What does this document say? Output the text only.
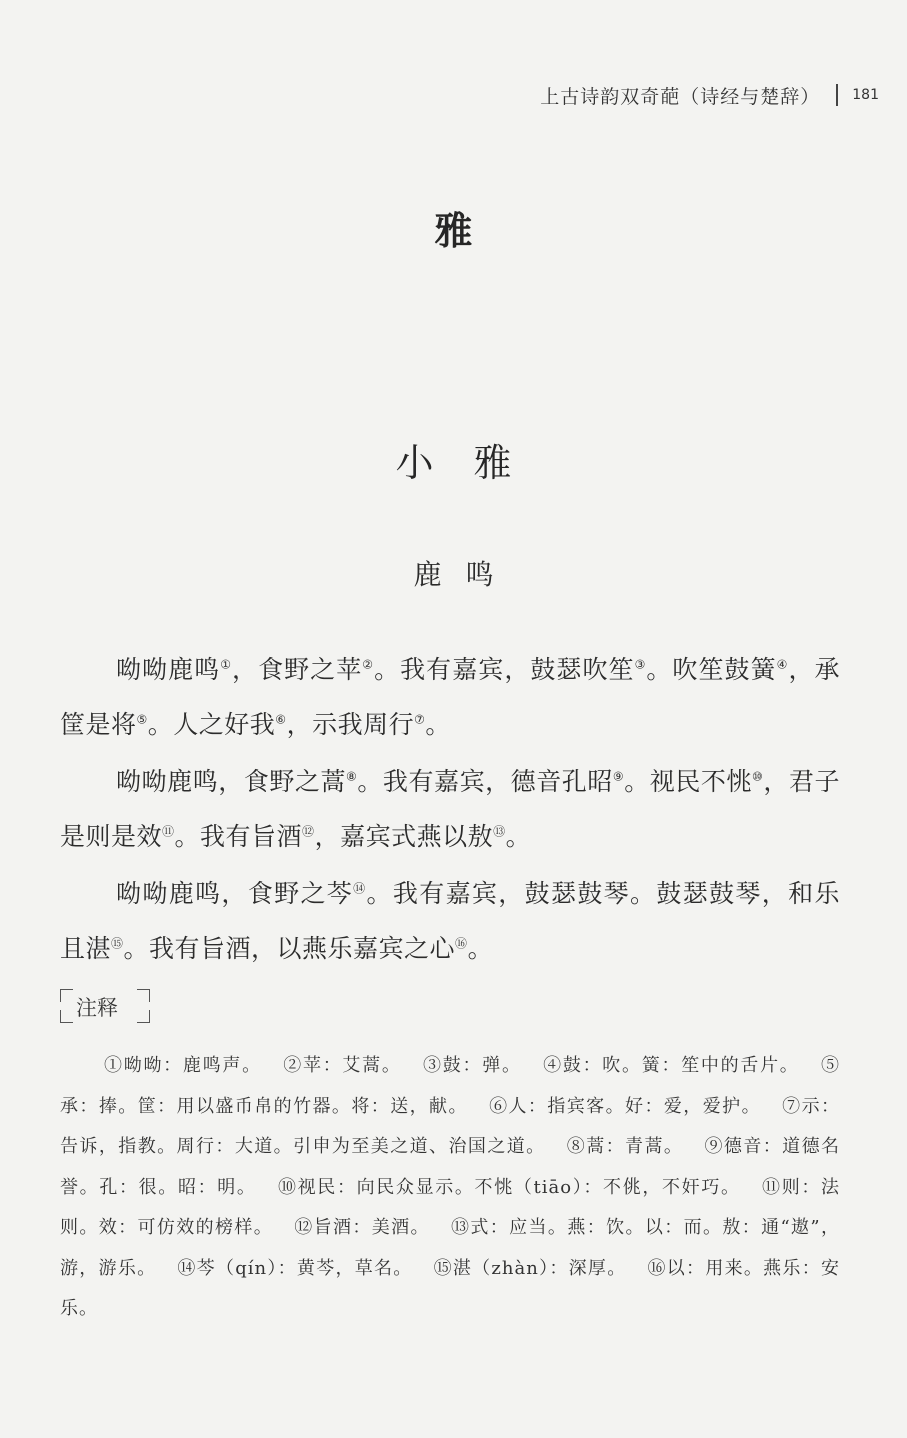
上古诗韵双奇葩（诗经与楚辞） 181
雅
小雅
鹿鸣

呦呦鹿鸣①，食野之苹②。我有嘉宾，鼓瑟吹笙③。吹笙鼓簧④，承筐是将⑤。人之好我⑥，示我周行⑦。

呦呦鹿鸣，食野之蒿⑧。我有嘉宾，德音孔昭⑨。视民不恌⑩，君子是则是效⑪。我有旨酒⑫，嘉宾式燕以敖⑬。

呦呦鹿鸣，食野之芩⑭。我有嘉宾，鼓瑟鼓琴。鼓瑟鼓琴，和乐且湛⑮。我有旨酒，以燕乐嘉宾之心⑯。

注释

①呦呦：鹿鸣声。 ②苹：艾蒿。 ③鼓：弹。 ④鼓：吹。簧：笙中的舌片。 ⑤承：捧。筐：用以盛币帛的竹器。将：送，献。 ⑥人：指宾客。好：爱，爱护。 ⑦示：告诉，指教。周行：大道。引申为至美之道、治国之道。 ⑧蒿：青蒿。 ⑨德音：道德名誉。孔：很。昭：明。 ⑩视民：向民众显示。不恌（tiāo）：不佻，不奸巧。 ⑪则：法则。效：可仿效的榜样。 ⑫旨酒：美酒。 ⑬式：应当。燕：饮。以：而。敖：通“遨”，游，游乐。 ⑭芩（qín）：黄芩，草名。 ⑮湛（zhàn）：深厚。 ⑯以：用来。燕乐：安乐。
